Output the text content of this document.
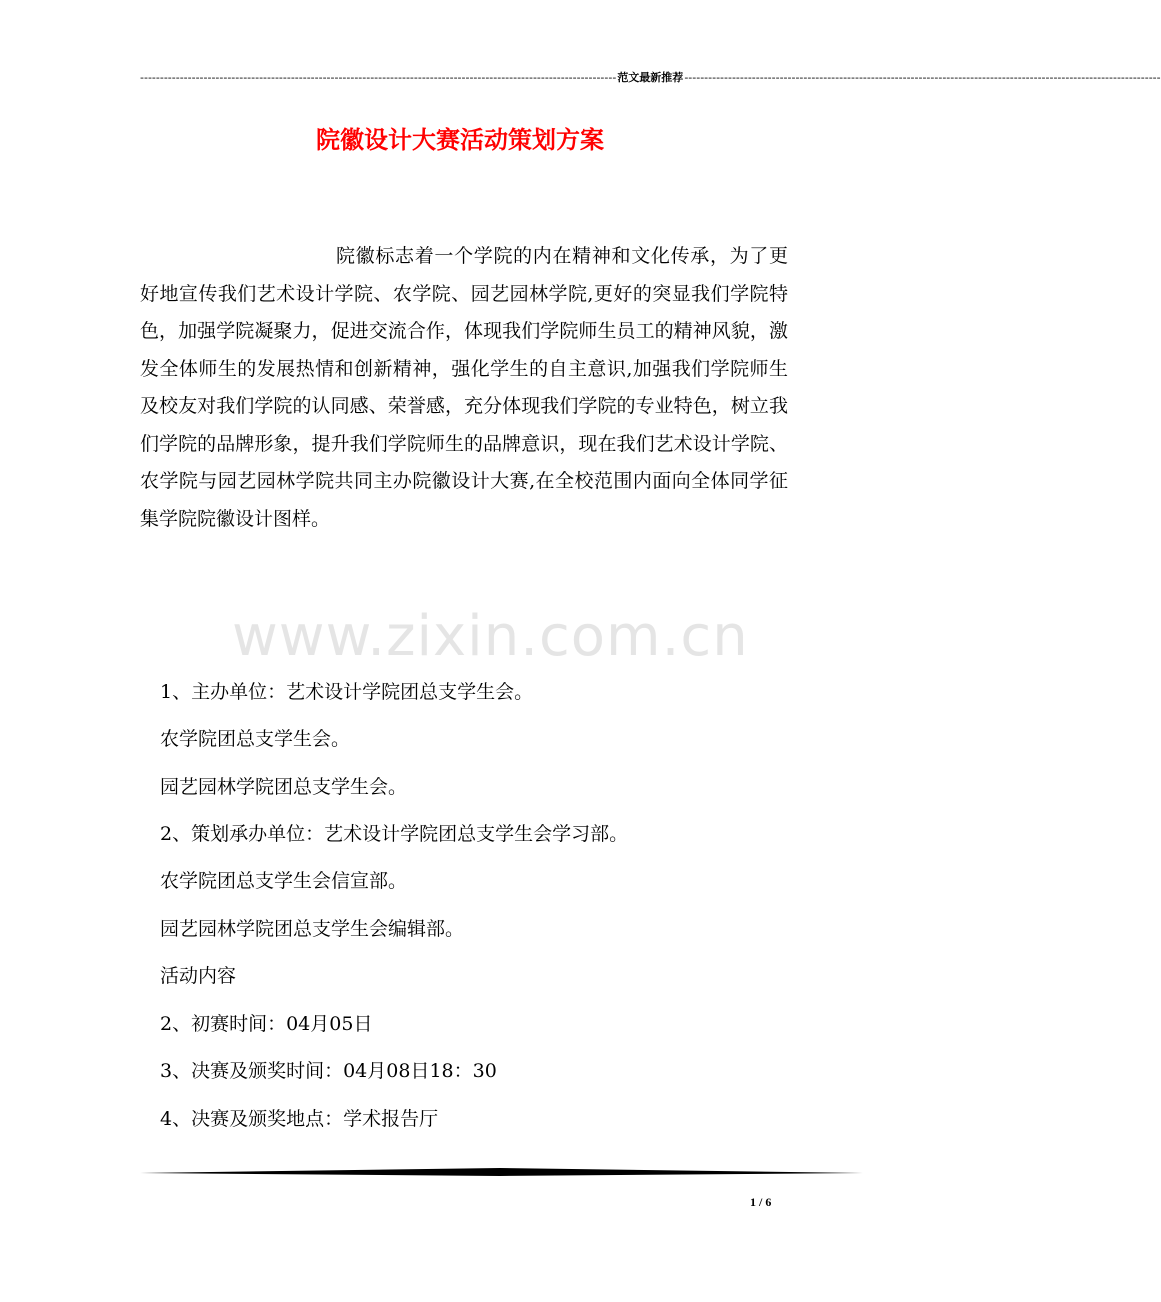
------------------------------------------------------------------------------------------------------------------------ 范文最新推荐 ------------------------------------------------------------------------------------------------------------------------
院徽设计大赛活动策划方案

院徽标志着一个学院的内在精神和文化传承，为了更好地宣传我们艺术设计学院、农学院、园艺园林学院,更好的突显我们学院特色，加强学院凝聚力，促进交流合作，体现我们学院师生员工的精神风貌，激发全体师生的发展热情和创新精神，强化学生的自主意识,加强我们学院师生及校友对我们学院的认同感、荣誉感，充分体现我们学院的专业特色，树立我们学院的品牌形象，提升我们学院师生的品牌意识，现在我们艺术设计学院、农学院与园艺园林学院共同主办院徽设计大赛,在全校范围内面向全体同学征集学院院徽设计图样。

www.zixin.com.cn

1、主办单位：艺术设计学院团总支学生会。

农学院团总支学生会。

园艺园林学院团总支学生会。

2、策划承办单位：艺术设计学院团总支学生会学习部。

农学院团总支学生会信宣部。

园艺园林学院团总支学生会编辑部。

活动内容

2、初赛时间：04月05日

3、决赛及颁奖时间：04月08日18：30

4、决赛及颁奖地点：学术报告厅

1 / 6
